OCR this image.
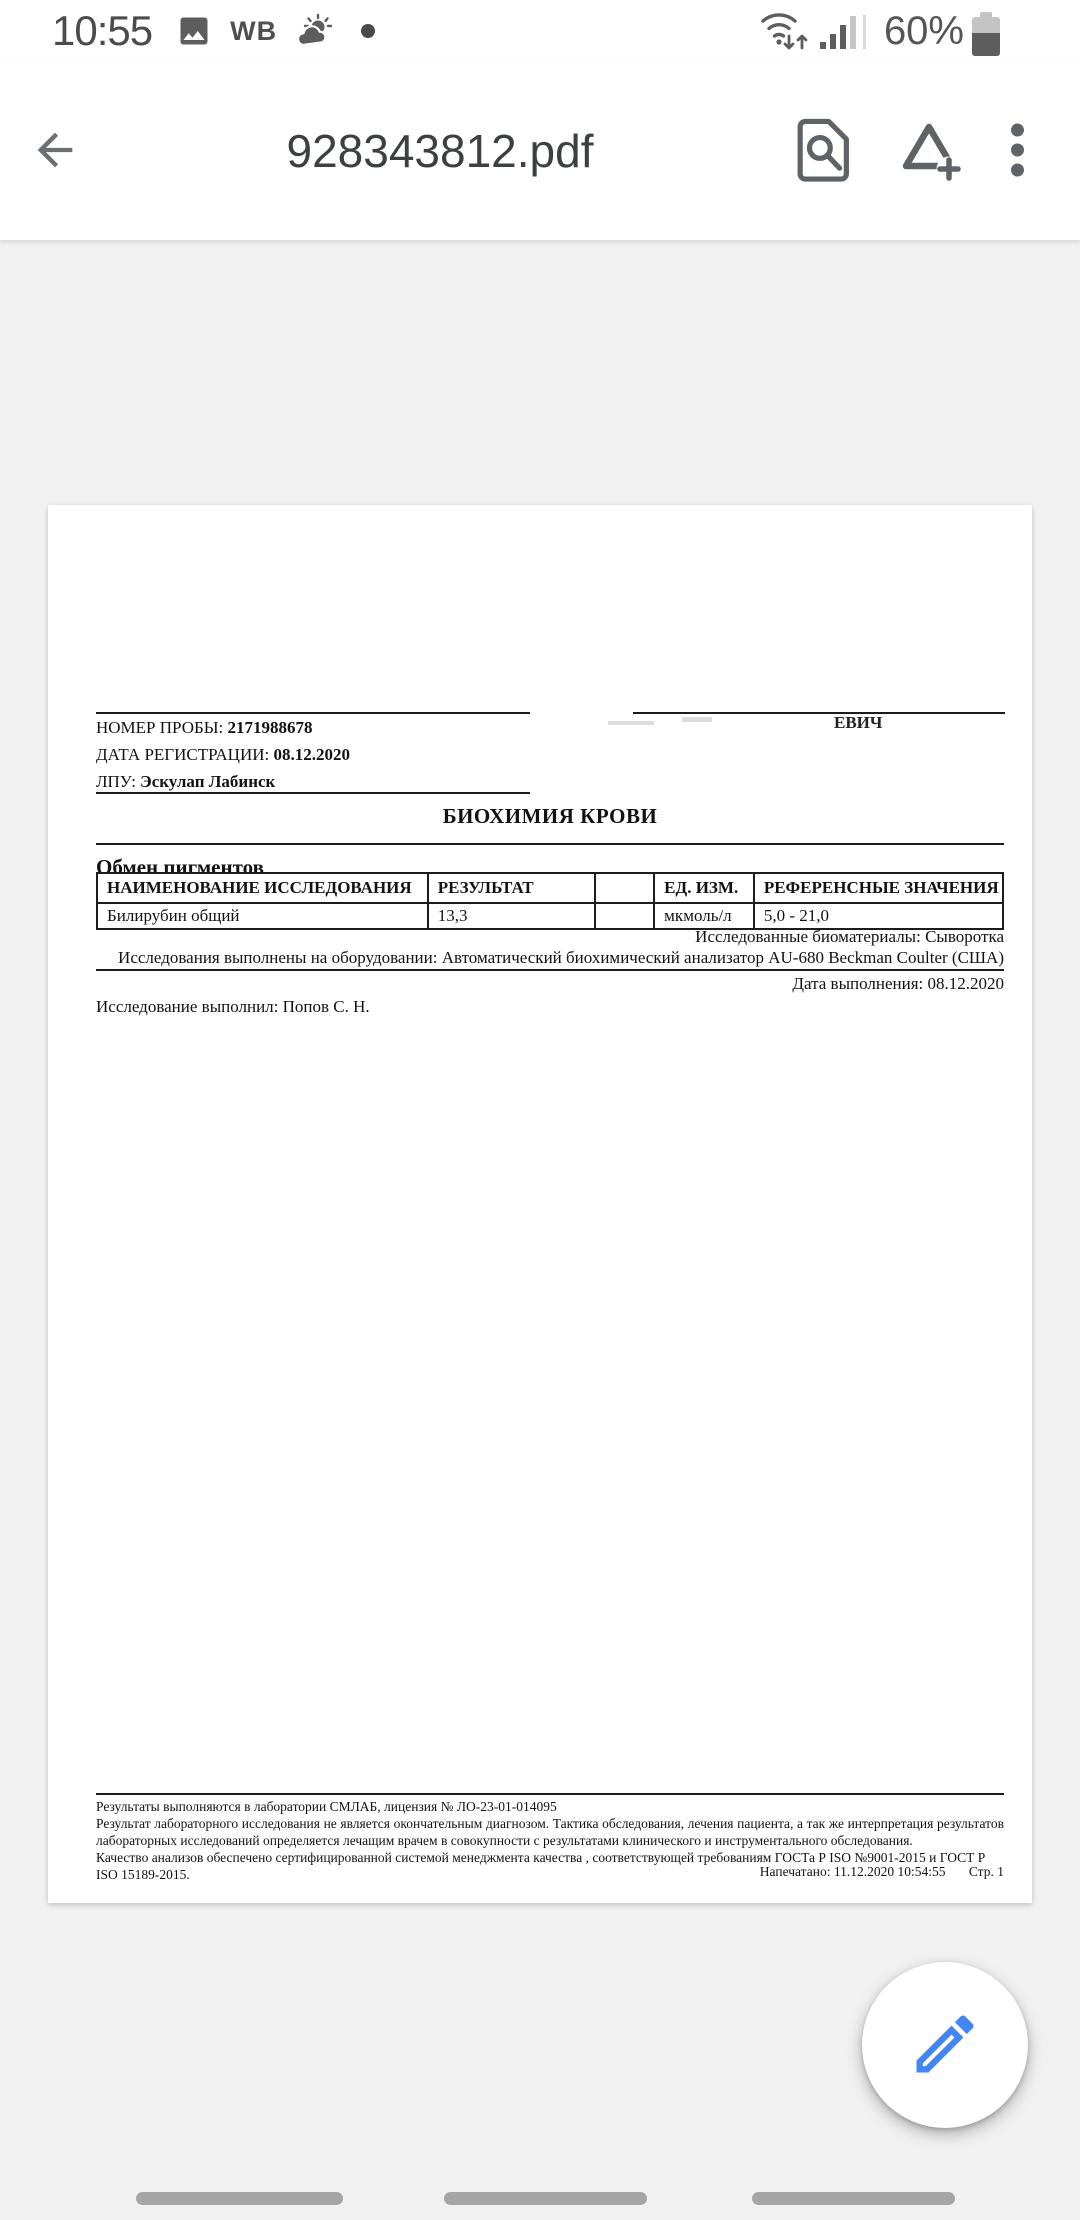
10:55	WB	60%
928343812.pdf
ЕВИЧ
НОМЕР ПРОБЫ: 2171988678
ДАТА РЕГИСТРАЦИИ: 08.12.2020
ЛПУ: Эскулап Лабинск
БИОХИМИЯ КРОВИ
Обмен пигментов
НАИМЕНОВАНИЕ ИССЛЕДОВАНИЯ	РЕЗУЛЬТАТ		ЕД. ИЗМ.	РЕФЕРЕНСНЫЕ ЗНАЧЕНИЯ
Билирубин общий	13,3		мкмоль/л	5,0 - 21,0
Исследованные биоматериалы: Сыворотка
Исследования выполнены на оборудовании: Автоматический биохимический анализатор AU-680 Beckman Coulter (США)
Дата выполнения: 08.12.2020
Исследование выполнил: Попов С. Н.
Результаты выполняются в лаборатории СМЛАБ, лицензия № ЛО-23-01-014095
Результат лабораторного исследования не является окончательным диагнозом. Тактика обследования, лечения пациента, а так же интерпретация результатов лабораторных исследований определяется лечащим врачем в совокупности с результатами клинического и инструментального обследования.
Качество анализов обеспечено сертифицированной системой менеджмента качества , соответствующей требованиям ГОСТа Р ISO №9001-2015 и ГОСТ Р ISO 15189-2015.	Напечатано: 11.12.2020 10:54:55 Стр. 1
